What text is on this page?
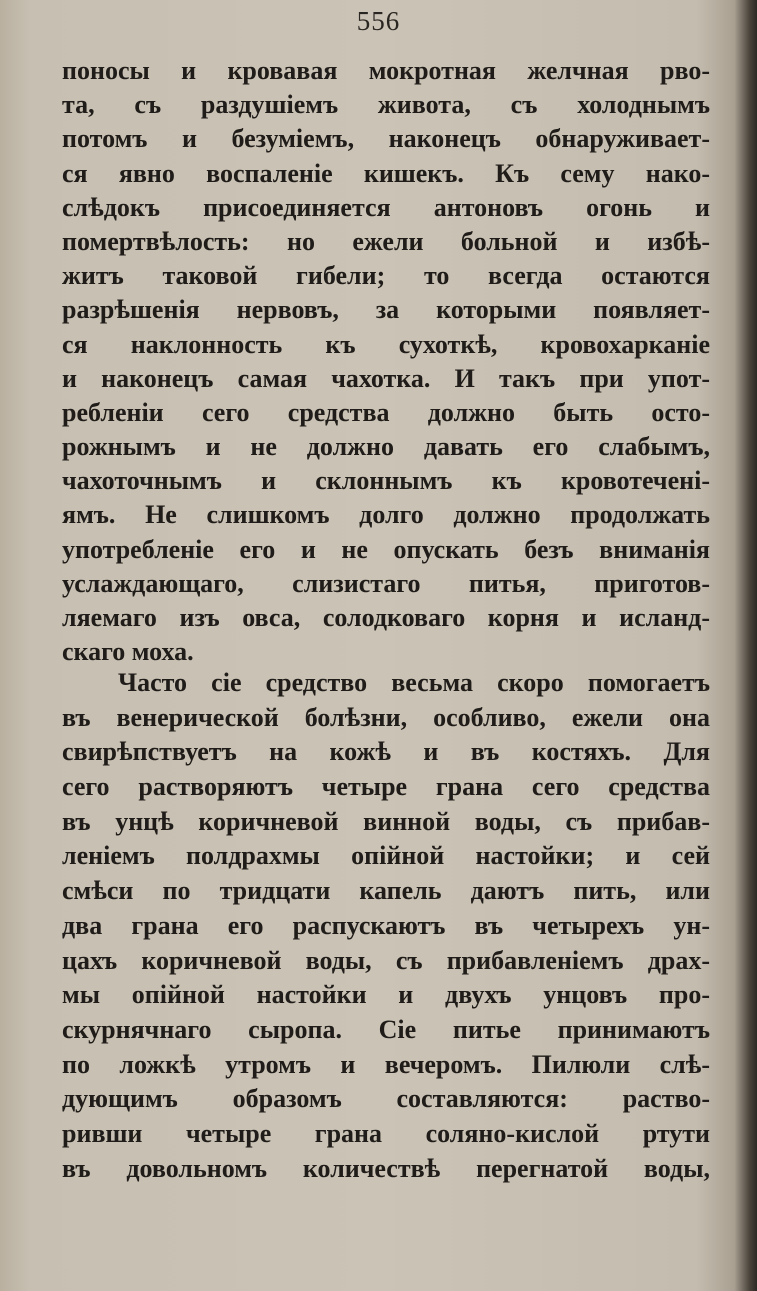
556
поносы и кровавая мокротная желчная рво-
та, съ раздушіемъ живота, съ холоднымъ
потомъ и безуміемъ, наконецъ обнаруживает-
ся явно воспаленіе кишекъ. Къ сему нако-
слѣдокъ присоединяется антоновъ огонь и
помертвѣлость: но ежели больной и избѣ-
житъ таковой гибели; то всегда остаются
разрѣшенія нервовъ, за которыми появляет-
ся наклонность къ сухоткѣ, кровохарканіе
и наконецъ самая чахотка. И такъ при упот-
ребленіи сего средства должно быть осто-
рожнымъ и не должно давать его слабымъ,
чахоточнымъ и склоннымъ къ кровотеченi-
ямъ. Не слишкомъ долго должно продолжать
употребленіе его и не опускать безъ вниманія
услаждающаго, слизистаго питья, приготов-
ляемаго изъ овса, солодковаго корня и исланд-
скаго моха.
Часто сіе средство весьма скоро помогаетъ
въ венерической болѣзни, особливо, ежели она
свирѣпствуетъ на кожѣ и въ костяхъ. Для
сего растворяютъ четыре грана сего средства
въ унцѣ коричневой винной воды, съ прибав-
леніемъ полдрахмы опійной настойки; и сей
смѣси по тридцати капель даютъ пить, или
два грана его распускаютъ въ четырехъ ун-
цахъ коричневой воды, съ прибавленіемъ драх-
мы опійной настойки и двухъ унцовъ про-
скурнячнаго сыропа. Сіе питье принимаютъ
по ложкѣ утромъ и вечеромъ. Пилюли слѣ-
дующимъ образомъ составляются: раство-
ривши четыре грана соляно-кислой ртути
въ довольномъ количествѣ перегнатой воды,
